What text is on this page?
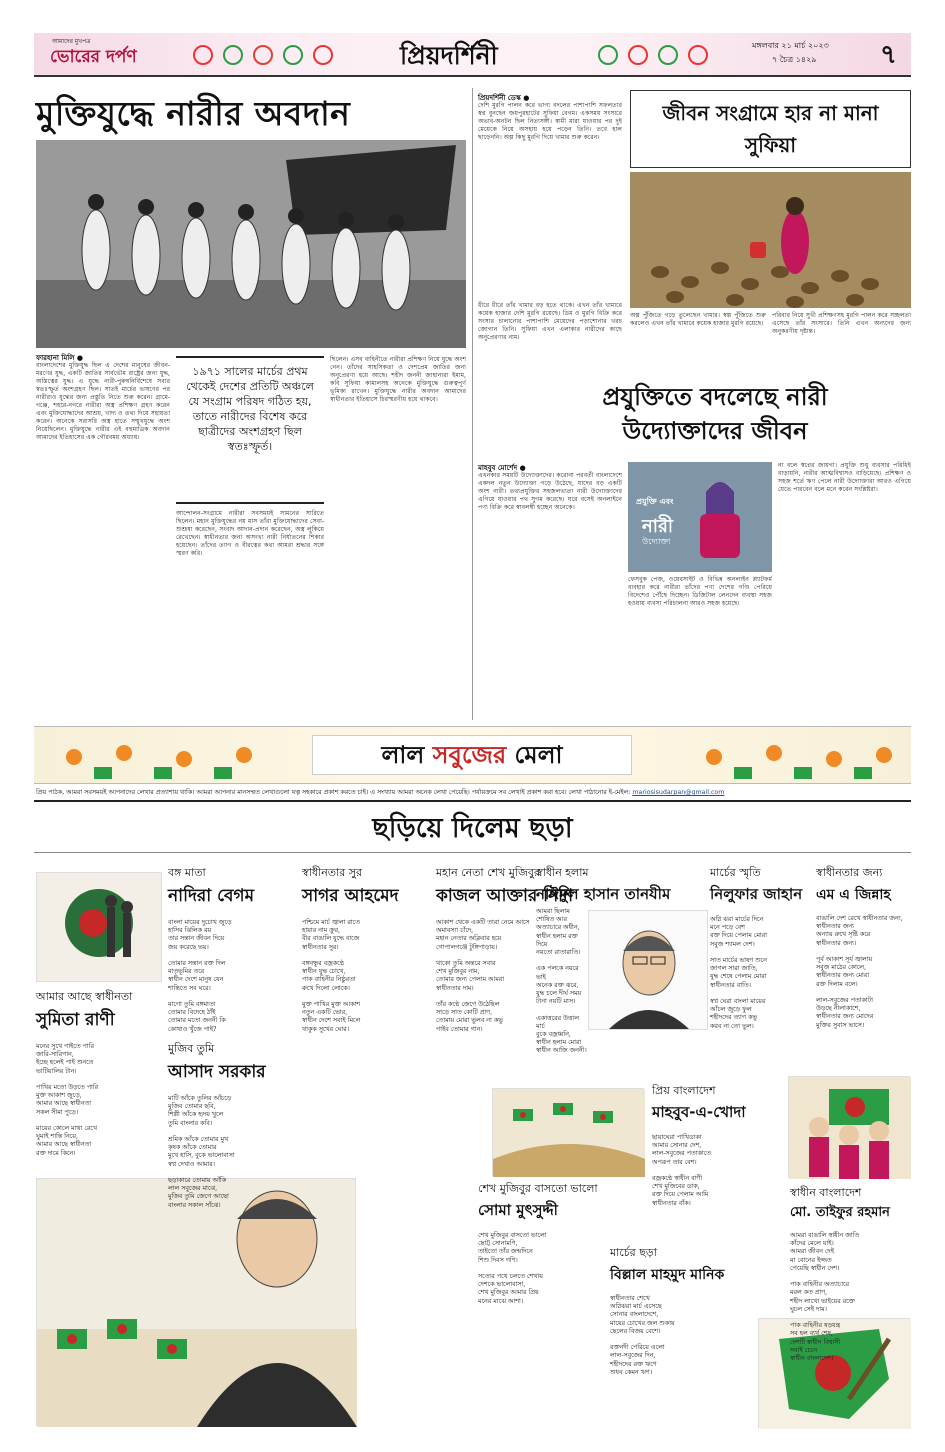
আমাদের মুখপত্র
ভোরের দর্পণ	প্রিয়দর্শিনী	মঙ্গলবার ২১ মার্চ ২০২৩
৭ চৈত্র ১৪২৯ ৭
মুক্তিযুদ্ধে নারীর অবদান
ফারহানা মিলি ●
বাংলাদেশের মুক্তিযুদ্ধ ছিল এ দেশের মানুষের জীবন-মরণের যুদ্ধ, একটি জাতির সার্বভৌম রাষ্ট্রের জন্য যুদ্ধ, অস্তিত্বের যুদ্ধ। এ যুদ্ধে নারী-পুরুষনির্বিশেষে সবার স্বতঃস্ফূর্ত অংশগ্রহণ ছিল। সাতই মার্চের ভাষণের পর নারীরাও যুদ্ধের জন্য প্রস্তুতি নিতে শুরু করেন। গ্রামে-গঞ্জে, শহরে-নগরে নারীরা অস্ত্র প্রশিক্ষণ গ্রহণ করেন এবং মুক্তিযোদ্ধাদের আশ্রয়, খাদ্য ও তথ্য দিয়ে সহায়তা করেন। অনেকে সরাসরি অস্ত্র হাতে সম্মুখযুদ্ধে অংশ নিয়েছিলেন। মুক্তিযুদ্ধে নারীর এই বহুমাত্রিক অবদান আমাদের ইতিহাসের এক গৌরবময় অধ্যায়।
১৯৭১ সালের মার্চের প্রথম থেকেই দেশের প্রতিটি অঞ্চলে যে সংগ্রাম পরিষদ গঠিত হয়, তাতে নারীদের বিশেষ করে ছাত্রীদের অংশগ্রহণ ছিল স্বতঃস্ফূর্ত।
আন্দোলন-সংগ্রামে নারীরা সবসময়ই সামনের সারিতে ছিলেন। মহান মুক্তিযুদ্ধের নয় মাস তাঁরা মুক্তিযোদ্ধাদের সেবা-শুশ্রূষা করেছেন, সংবাদ আদান-প্রদান করেছেন, অস্ত্র লুকিয়ে রেখেছেন। স্বাধীনতার জন্য অসংখ্য নারী নির্যাতনের শিকার হয়েছেন। তাঁদের ত্যাগ ও বীরত্বের কথা আমরা শ্রদ্ধার সঙ্গে স্মরণ করি।
ছিলেন। এসব বাহিনীতে নারীরা প্রশিক্ষণ নিয়ে যুদ্ধে অংশ নেন। তাঁদের সাহসিকতা ও দেশপ্রেম জাতির জন্য অনুপ্রেরণা হয়ে আছে। শহীদ জননী জাহানারা ইমাম, কবি সুফিয়া কামালসহ অনেকে মুক্তিযুদ্ধে গুরুত্বপূর্ণ ভূমিকা রাখেন। মুক্তিযুদ্ধে নারীর অবদান আমাদের স্বাধীনতার ইতিহাসে চিরস্মরণীয় হয়ে থাকবে।
প্রিয়দর্শিনী ডেস্ক ●
দেশি মুরগি পালন করে ভাগ্য বদলের পাশাপাশি সফলতার স্বপ্ন বুনছেন জয়পুরহাটের সুফিয়া বেগম। একসময় সংসারে অভাব-অনটন ছিল নিত্যসঙ্গী। স্বামী মারা যাওয়ার পর দুই মেয়েকে নিয়ে অসহায় হয়ে পড়েন তিনি। তবে হাল ছাড়েননি। অল্প কিছু মুরগি দিয়ে খামার শুরু করেন।
জীবন সংগ্রামে হার না মানা সুফিয়া
ধীরে ধীরে তাঁর খামার বড় হতে থাকে। এখন তাঁর খামারে কয়েক হাজার দেশি মুরগি রয়েছে। ডিম ও মুরগি বিক্রি করে সংসার চালানোর পাশাপাশি মেয়েদের পড়াশোনার খরচ জোগান তিনি। সুফিয়া এখন এলাকার নারীদের কাছে অনুপ্রেরণার নাম।
অল্প পুঁজিতে গড়ে তুলেছেন খামার। স্বল্প পুঁজিতে শুরু করলেও এখন তাঁর খামারে কয়েক হাজার মুরগি রয়েছে।
পরিবার নিয়ে সুখী প্রশিক্ষণসহ মুরগি পালন করে সচ্ছলতা এসেছে তাঁর সংসারে। তিনি এখন অন্যদের জন্য অনুকরণীয় দৃষ্টান্ত।
প্রযুক্তিতে বদলেছে নারী উদ্যোক্তাদের জীবন
মাহবুব মোর্শেদ ●
এখনকার সময়টি উদ্যোক্তাদের। করোনা পরবর্তী বাংলাদেশে একদল নতুন উদ্যোক্তা গড়ে উঠেছে, যাদের বড় একটি অংশ নারী। তথ্যপ্রযুক্তির সহজলভ্যতা নারী উদ্যোক্তাদের এগিয়ে যাওয়ার পথ সুগম করেছে। ঘরে বসেই অনলাইনে পণ্য বিক্রি করে স্বাবলম্বী হচ্ছেন অনেকে।
প্রযুক্তি এবং
নারী
উদ্যোক্তা
ফেসবুক পেজ, ওয়েবসাইট ও বিভিন্ন অনলাইন প্ল্যাটফর্ম ব্যবহার করে নারীরা তাঁদের পণ্য দেশের গণ্ডি পেরিয়ে বিদেশেও পৌঁছে দিচ্ছেন। ডিজিটাল লেনদেন ব্যবস্থা সহজ হওয়ায় ব্যবসা পরিচালনা আরও সহজ হয়েছে।
না বলে স্বপ্নের জায়গা। প্রযুক্তি শুধু ব্যবসার পরিধিই বাড়ায়নি, নারীর আত্মবিশ্বাসও বাড়িয়েছে। প্রশিক্ষণ ও সহজ শর্তে ঋণ পেলে নারী উদ্যোক্তারা আরও এগিয়ে যেতে পারবেন বলে মনে করেন সংশ্লিষ্টরা।
লাল সবুজের মেলা
প্রিয় পাঠক, আমরা সবসময়ই আপনাদের লেখার প্রত্যাশায় থাকি। আমরা আপনার মানসম্মত লেখাগুলো যত্ন সহকারে প্রকাশ করতে চাই। এ সংখ্যায় আমরা অনেক লেখা পেয়েছি। পর্যায়ক্রমে সব লেখাই প্রকাশ করা হবে। লেখা পাঠানোর ই-মেইল: mariosisudarpan@gmail.com
ছড়িয়ে দিলেম ছড়া
বঙ্গ মাতা
নাদিরা বেগম
বাংলা মায়ের দুচোখ জুড়ে
হাসির ঝিলিক রয়
তার সন্তান জীবন দিয়ে
জয় করেছে ভয়।

তোমার সন্তান রক্ত দিল
মাতৃভূমির তরে
স্বাধীন দেশে মানুষ যেন
শান্তিতে সব ঘরে।

মাগো তুমি বঙ্গমাতা
তোমার বিদেহে ঠাঁই
তোমার মতো জননী কি
কোথাও খুঁজে পাই?
স্বাধীনতার সুর
সাগর আহমেদ
পশ্চিমে মার্চ জ্বালা রাতে
হায়ার নাম ক্রুর,
বীর বাঙালি যুদ্ধে বাজে
স্বাধীনতার সুর।

বঙ্গবন্ধুর বজ্রকণ্ঠে
স্বাধীন যুদ্ধ চোখে,
পাক বাহিনীর নিষ্ঠুরতা
রুখে দিলো লোকে।

মুক্ত পাখির মুক্ত আকাশ
নতুন একটি ভোর,
স্বাধীন দেশে সবাই মিলে
থাকুক সুখের ঘোর।
মহান নেতা শেখ মুজিবুর
কাজল আক্তার নিশি
আকাশ থেকে একটি তারা নেমে আসে
অমাবস্যা চাঁদে,
মহান নেতার অক্লিবার হয়ে
গোপালগঞ্জে টুঙ্গিপাড়ায়।

থাকো তুমি অন্তরে সবার
শেখ মুজিবুর নাম,
তোমার জন্য পেলাম আমরা
স্বাধীনতার দাম।

তাঁর কণ্ঠে জেগে উঠেছিল
সাড়ে সাত কোটি প্রাণ,
তোমায় মোরা ভুলব না কভু
গাইব তোমার গান।
স্বাধীন হলাম
নাঈমুল হাসান তানযীম
আমরা ছিলাম শোষিত আর
অত্যাচারে অধীন,
স্বাধীন হলাম রক্ত দিয়ে
নয়তো রাতারাতি।

এক পলকে নয়রে ভাই
অনেক রক্ত ঝরে,
যুদ্ধ চলে দীর্ঘ সময়
টানা নয়টি মাস।

একাত্তরের উত্তাল মার্চ
বুকে বজ্রধ্বনি,
স্বাধীন হলাম মোরা
স্বাধীন আজি জননী।
মার্চের স্মৃতি
নিলুফার জাহান
অগ্নি ঝরা মার্চের দিনে
মনে পড়ে বেশ
রক্ত দিয়ে পেলাম মোরা
সবুজ শ্যামল দেশ।

সাত মার্চের ভাষণ শুনে
জাগল সারা জাতি,
যুদ্ধ শেষে পেলাম মোরা
স্বাধীনতার বাতি।

স্বপ্ন ঘেরা বাংলা মায়ের
আঁচল জুড়ে ফুল
শহীদদের ত্যাগ কভু
করব না তো ভুল।
স্বাধীনতার জন্য
এম এ জিন্নাহ
বাঙালি দেশ রেখে স্বাধীনতার জন্য,
স্বাধীনতার জন্য
অন্যায় রুখে সৃষ্টি করে
স্বাধীনতার জন্য।

পূর্ব আকাশ সূর্য জ্বালায়
সবুজ মাঠের কোলে,
স্বাধীনতার জন্য মোরা
রক্ত দিলাম বলে।

লাল-সবুজের পতাকাটা
উড়ছে নীলাকাশে,
স্বাধীনতার জন্য মোদের
মুক্তির সুবাস ভাসে।
আমার আছে স্বাধীনতা
সুমিতা রাণী
মনের সুখে গাইতে পারি
জারি-সারিগান,
ইচ্ছে হলেই পাই শুনতে
ভাটিয়ালির টান।

পাখির মতো উড়তে পারি
মুক্ত আকাশ জুড়ে,
আমার আছে স্বাধীনতা
সকল সীমা পুড়ে।

মায়ের কোলে মাথা রেখে
ঘুমাই শান্তি নিয়ে,
আমার আছে স্বাধীনতা
রক্ত দামে কিনে।
মুজিব তুমি
আসাদ সরকার
মাটি আঁকে তুলির আঁচড়ে
মুজিব তোমার ছবি,
শিল্পী আঁকে হৃদয় খুলে
তুমি বাংলার কবি।

শ্রমিক আঁকে তোমার মুখ
কৃষক আঁকে তোমার
মুখে হাসি, বুকে ভালোবাসা
স্বপ্ন দেখাও আমার।

ছড়াকারে তোমায় আঁকি
লাল সবুজের মাঝে,
মুজিব তুমি জেগে আছো
বাংলার সকাল সাঁঝে।
প্রিয় বাংলাদেশ
মাহবুব-এ-খোদা
ছায়াঘেরা পাখিডাকা
আমার সোনার দেশ,
লাল-সবুজের পতাকাতে
অপরূপ তার বেশ।

বজ্রকণ্ঠে স্বাধীন বাণী
শেখ মুজিবের ডাক,
রক্ত দিয়ে পেলাম আমি
স্বাধীনতার বাঁক।
শেখ মুজিবুর বাসতো ভালো
সোমা মুৎসুদ্দী
শেখ মুজিবুর বাসতো ভালো
ছোট্ট সোনামণি,
তাইতো তাঁর জন্মদিনে
শিশু দিবস গণি।

সত্যের পথে চলতে শেখায়
দেশকে ভালোবাসা,
শেখ মুজিবুর আমার প্রিয়
মনের মাঝে আশা।
মার্চের ছড়া
বিল্লাল মাহমুদ মানিক
স্বাধীনতার শেখে
অগ্নিঝরা মার্চ এসেছে
সোনার বাংলাদেশে,
মায়ের চোখের জল শুকায়
ছেলের বিজয় বেশে।

রক্তনদী পেরিয়ে এলো
লাল-সবুজের দিন,
শহীদদের রক্ত ঋণে
শুধব কেমন ঋণ।
স্বাধীন বাংলাদেশ
মো. তাইফুর রহমান
আমরা বাঙালি স্বাধীন জাতি
কাঁদের মেলে যাই।
আমরা জীবন দেই
মা বোনের ইজ্জত
পেয়েছি স্বাধীন দেশ।

পাক বাহিনীর অত্যাচারে
মরল কত প্রাণ,
শহীদ লাখো ভাইয়ের রক্তে
ঘুচল সেই দাম।

পাক বাহিনীর ষড়যন্ত্র
সব হল ব্যর্থ শেষ,
দেশটি স্বাধীন বিশ্বাসী
সবাই চেনে
স্বাধীন বাংলাদেশ।
